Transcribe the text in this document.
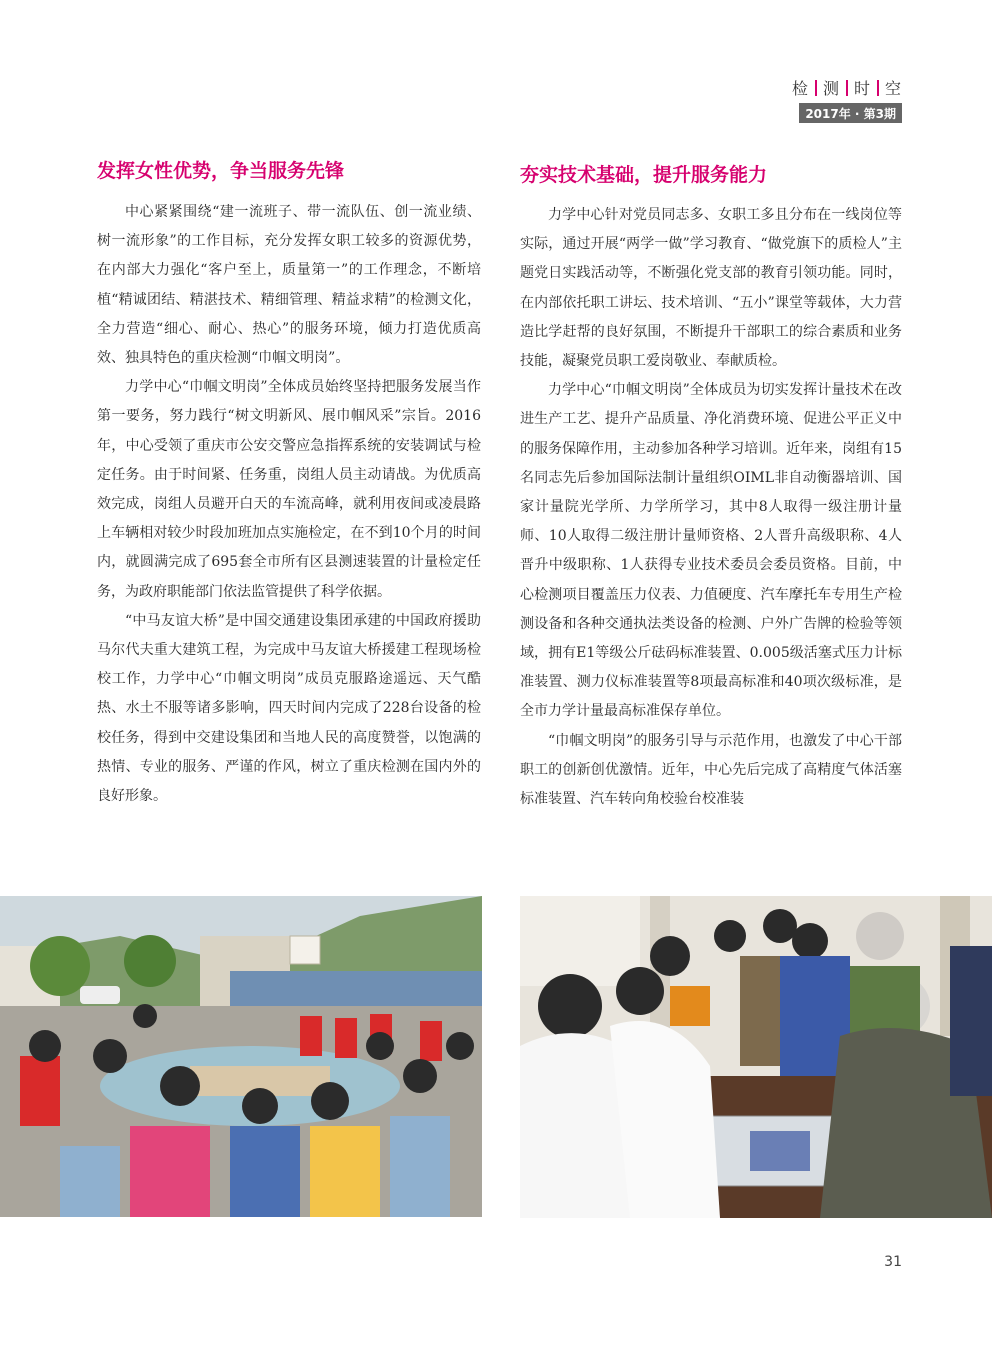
检 测 时 空
2017年 · 第3期
发挥女性优势，争当服务先锋

中心紧紧围绕“建一流班子、带一流队伍、创一流业绩、树一流形象”的工作目标，充分发挥女职工较多的资源优势，在内部大力强化“客户至上，质量第一”的工作理念，不断培植“精诚团结、精湛技术、精细管理、精益求精”的检测文化，全力营造“细心、耐心、热心”的服务环境，倾力打造优质高效、独具特色的重庆检测“巾帼文明岗”。

力学中心“巾帼文明岗”全体成员始终坚持把服务发展当作第一要务，努力践行“树文明新风、展巾帼风采”宗旨。2016年，中心受领了重庆市公安交警应急指挥系统的安装调试与检定任务。由于时间紧、任务重，岗组人员主动请战。为优质高效完成，岗组人员避开白天的车流高峰，就利用夜间或凌晨路上车辆相对较少时段加班加点实施检定，在不到10个月的时间内，就圆满完成了695套全市所有区县测速装置的计量检定任务，为政府职能部门依法监管提供了科学依据。

“中马友谊大桥”是中国交通建设集团承建的中国政府援助马尔代夫重大建筑工程，为完成中马友谊大桥援建工程现场检校工作，力学中心“巾帼文明岗”成员克服路途遥远、天气酷热、水土不服等诸多影响，四天时间内完成了228台设备的检校任务，得到中交建设集团和当地人民的高度赞誉，以饱满的热情、专业的服务、严谨的作风，树立了重庆检测在国内外的良好形象。

夯实技术基础，提升服务能力

力学中心针对党员同志多、女职工多且分布在一线岗位等实际，通过开展“两学一做”学习教育、“做党旗下的质检人”主题党日实践活动等，不断强化党支部的教育引领功能。同时，在内部依托职工讲坛、技术培训、“五小”课堂等载体，大力营造比学赶帮的良好氛围，不断提升干部职工的综合素质和业务技能，凝聚党员职工爱岗敬业、奉献质检。

力学中心“巾帼文明岗”全体成员为切实发挥计量技术在改进生产工艺、提升产品质量、净化消费环境、促进公平正义中的服务保障作用，主动参加各种学习培训。近年来，岗组有15名同志先后参加国际法制计量组织OIML非自动衡器培训、国家计量院光学所、力学所学习，其中8人取得一级注册计量师、10人取得二级注册计量师资格、2人晋升高级职称、4人晋升中级职称、1人获得专业技术委员会委员资格。目前，中心检测项目覆盖压力仪表、力值硬度、汽车摩托车专用生产检测设备和各种交通执法类设备的检测、户外广告牌的检验等领域，拥有E1等级公斤砝码标准装置、0.005级活塞式压力计标准装置、测力仪标准装置等8项最高标准和40项次级标准，是全市力学计量最高标准保存单位。

“巾帼文明岗”的服务引导与示范作用，也激发了中心干部职工的创新创优激情。近年，中心先后完成了高精度气体活塞标准装置、汽车转向角校验台校准装

31
